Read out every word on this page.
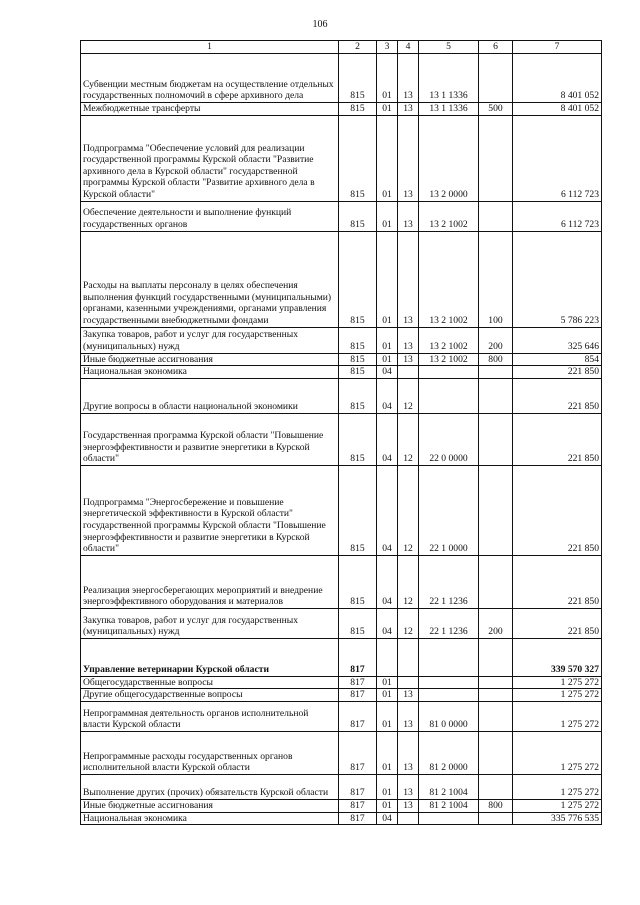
106
1	2	3	4	5	6	7
Субвенции местным бюджетам на осуществление отдельных государственных полномочий в сфере архивного дела	815	01	13	13 1 1336		8 401 052
Межбюджетные трансферты	815	01	13	13 1 1336	500	8 401 052
Подпрограмма "Обеспечение условий для реализации государственной программы Курской области "Развитие архивного дела в Курской области" государственной программы Курской области "Развитие архивного дела в Курской области"	815	01	13	13 2 0000		6 112 723
Обеспечение деятельности и выполнение функций государственных органов	815	01	13	13 2 1002		6 112 723
Расходы на выплаты персоналу в целях обеспечения выполнения функций государственными (муниципальными) органами, казенными учреждениями, органами управления государственными внебюджетными фондами	815	01	13	13 2 1002	100	5 786 223
Закупка товаров, работ и услуг для государственных (муниципальных) нужд	815	01	13	13 2 1002	200	325 646
Иные бюджетные ассигнования	815	01	13	13 2 1002	800	854
Национальная экономика	815	04				221 850
Другие вопросы в области национальной экономики	815	04	12			221 850
Государственная программа Курской области "Повышение энергоэффективности и развитие энергетики в Курской области"	815	04	12	22 0 0000		221 850
Подпрограмма "Энергосбережение и повышение энергетической эффективности в Курской области" государственной программы Курской области "Повышение энергоэффективности и развитие энергетики в Курской области"	815	04	12	22 1 0000		221 850
Реализация энергосберегающих мероприятий и внедрение энергоэффективного оборудования и материалов	815	04	12	22 1 1236		221 850
Закупка товаров, работ и услуг для государственных (муниципальных) нужд	815	04	12	22 1 1236	200	221 850
Управление ветеринарии Курской области	817					339 570 327
Общегосударственные вопросы	817	01				1 275 272
Другие общегосударственные вопросы	817	01	13			1 275 272
Непрограммная деятельность органов исполнительной власти Курской области	817	01	13	81 0 0000		1 275 272
Непрограммные расходы государственных органов исполнительной власти Курской области	817	01	13	81 2 0000		1 275 272
Выполнение других (прочих) обязательств Курской области	817	01	13	81 2 1004		1 275 272
Иные бюджетные ассигнования	817	01	13	81 2 1004	800	1 275 272
Национальная экономика	817	04				335 776 535
